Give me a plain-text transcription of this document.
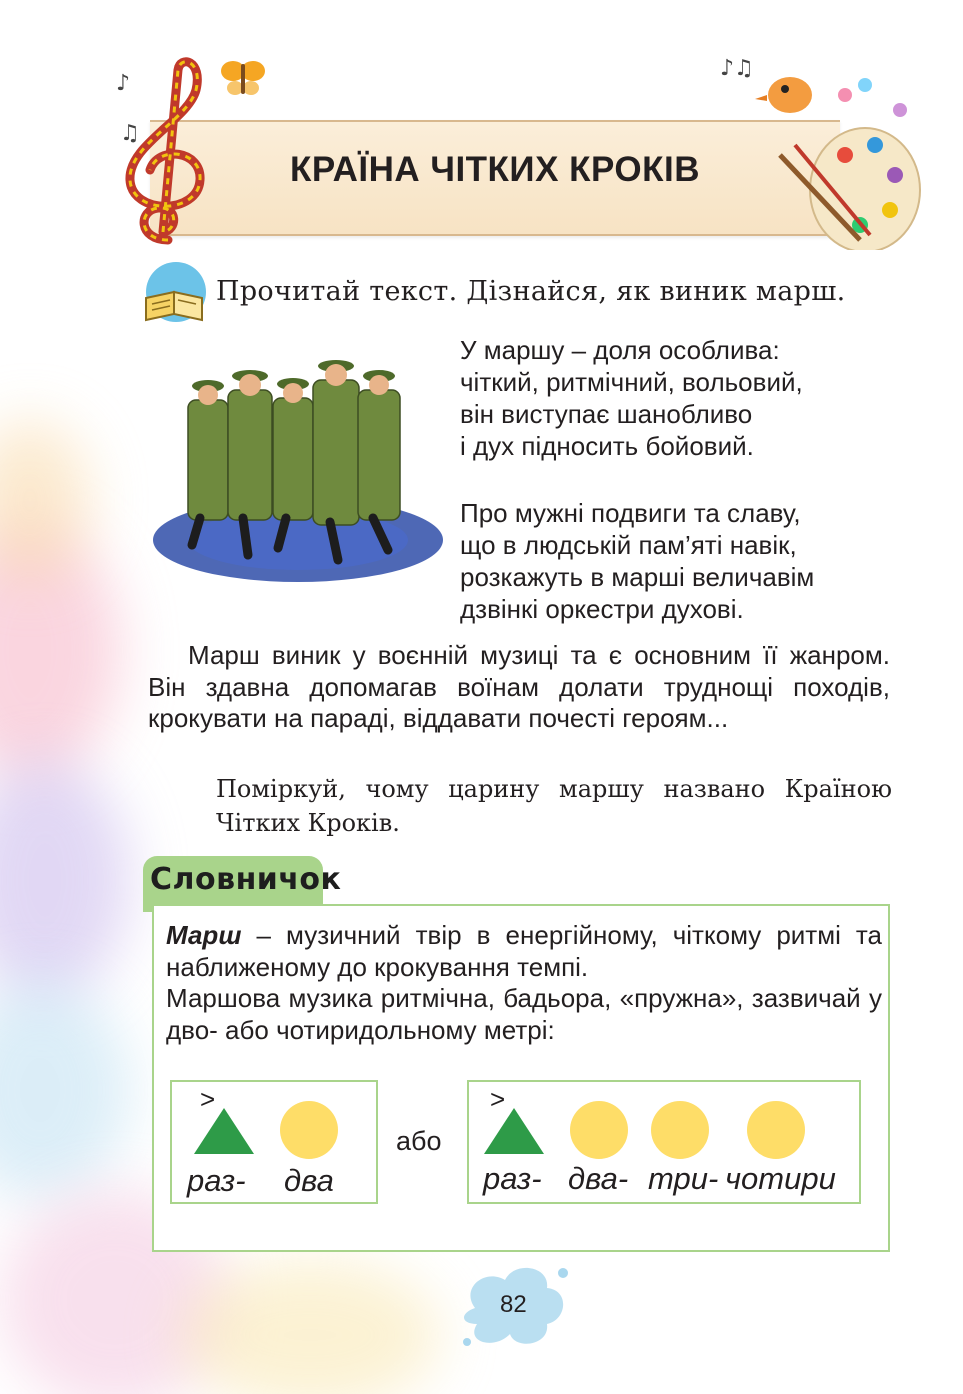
♪
♫
♪♫
КРАЇНА ЧІТКИХ КРОКІВ
Прочитай текст. Дізнайся, як виник марш.
У маршу – доля особлива:
чіткий, ритмічний, вольовий,
він виступає шанобливо
і дух підносить бойовий.
Про мужні подвиги та славу,
що в людській пам’яті навік,
розкажуть в марші величавім
дзвінкі оркестри духові.
Марш виник у воєнній музиці та є основним її жанром. Він здавна допомагав воїнам долати труднощі походів, крокувати на параді, віддавати почесті героям...
Поміркуй, чому царину маршу названо Країною Чітких Кроків.
Словничок
Марш – музичний твір в енергійному, чіткому ритмі та наближеному до крокування темпі.
Маршова музика ритмічна, бадьора, «пружна», зазвичай у дво- або чотиридольному метрі:
>
раз- два
або
>
раз- два- три- чотири
82
